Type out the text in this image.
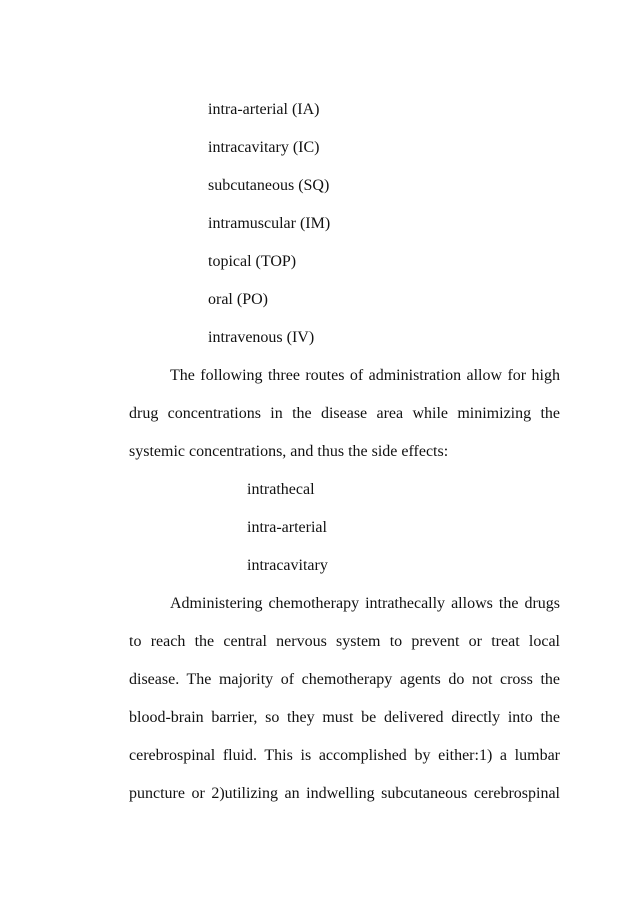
intra-arterial (IA)
intracavitary (IC)
subcutaneous (SQ)
intramuscular (IM)
topical (TOP)
oral (PO)
intravenous (IV)
The following three routes of administration allow for high
drug concentrations in the disease area while minimizing the
systemic concentrations, and thus the side effects:
intrathecal
intra-arterial
intracavitary
Administering chemotherapy intrathecally allows the drugs
to reach the central nervous system to prevent or treat local
disease. The majority of chemotherapy agents do not cross the
blood-brain barrier, so they must be delivered directly into the
cerebrospinal fluid. This is accomplished by either:1) a lumbar
puncture or 2)utilizing an indwelling subcutaneous cerebrospinal
